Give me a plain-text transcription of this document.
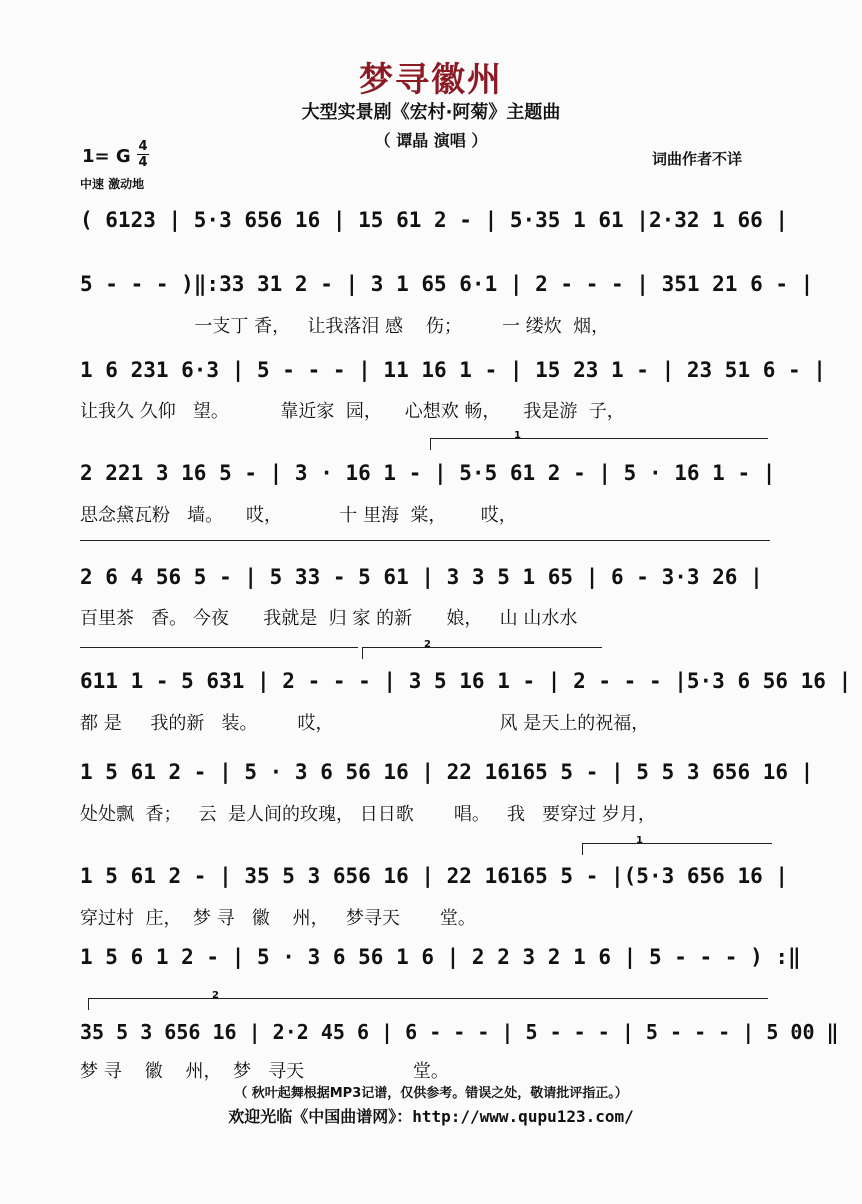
梦寻徽州
大型实景剧《宏村·阿菊》主题曲
（ 谭晶 演唱 ）
1= G 4
4
中速 激动地
词曲作者不详
( 6123 | 5·3 656 16 | 15 61 2 - | 5·35 1 61 |2·32 1 66 |
5 - - - )‖:33 31 2 - | 3 1 65 6·1 | 2 - - - | 351 21 6 - |
一支丁 香，   让我落泪 感    伤；       一 缕炊  烟，
1 6 231 6·3 | 5 - - - | 11 16 1 - | 15 23 1 - | 23 51 6 - |
让我久 久仰   望。         靠近家  园，    心想欢 畅，    我是游  子，
1
2 221 3 16 5 - | 3 · 16 1 - | 5·5 61 2 - | 5 · 16 1 - |
思念黛瓦粉   墙。    哎，          十 里海  棠，      哎，
2 6 4 56 5 - | 5 33 - 5 61 | 3 3 5 1 65 | 6 - 3·3 26 |
百里茶   香。 今夜      我就是  归 家 的新      娘，   山 山水水
2
611 1 - 5 631 | 2 - - - | 3 5 16 1 - | 2 - - - |5·3 6 56 16 |
都 是     我的新   装。       哎，                             风 是天上的祝福，
1 5 61 2 - | 5 · 3 6 56 16 | 22 16165 5 - | 5 5 3 656 16 |
处处飘  香；   云  是人间的玫瑰， 日日歌       唱。   我   要穿过 岁月，
1
1 5 61 2 - | 35 5 3 656 16 | 22 16165 5 - |(5·3 656 16 |
穿过村  庄，  梦 寻   徽    州，   梦寻天       堂。
1 5 6 1 2 - | 5 · 3 6 56 1 6 | 2 2 3 2 1 6 | 5 - - - ) :‖
2
35 5 3 656 16 | 2·2 45 6 | 6 - - - | 5 - - - | 5 - - - | 5 00 ‖
梦 寻    徽    州，  梦   寻天                   堂。
（ 秋叶起舞根据MP3记谱，仅供参考。错误之处，敬请批评指正。）
欢迎光临《中国曲谱网》：http://www.qupu123.com/
